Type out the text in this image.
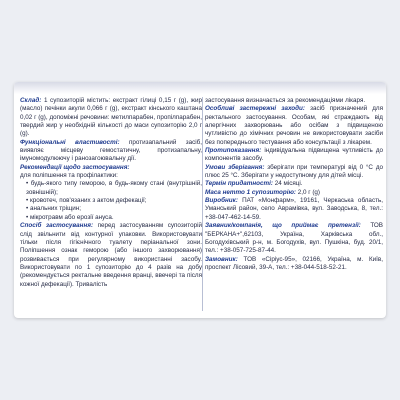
Склад: 1 супозиторій містить: екстракт гілиці 0,15 г (g), жир (масло) печінки акули 0,066 г (g), екстракт кінського каштана 0,02 г (g), допоміжні речовини: метилпарабен, пропілпарабен, твердий жир у необхідній кількості до маси супозиторію 2,0 г (g).

Функціональні властивості: протизапальний засіб, виявляє місцеву гемостатичну, протизапальну, імуномодулюючу і ранозагоювальну дії.

Рекомендації щодо застосування:

для поліпшення та профілактики:

• будь-якого типу геморою, в будь-якому стані (внутрішній, зовнішній);

• кровотеч, пов'язаних з актом дефекації;

• анальних тріщин;

• мікротравм або ерозії ануса.

Спосіб застосування: перед застосуванням супозиторій слід звільнити від контурної упаковки. Використовувати тільки після гігієнічного туалету періанальної зони. Поліпшення ознак геморою (або іншого захворювання) розвивається при регулярному використанні засобу. Використовувати по 1 супозиторію до 4 разів на добу (рекомендується ректальне введення вранці, ввечері та після кожної дефекації). Тривалість

застосування визначається за рекомендаціями лікаря.

Особливі застережні заходи: засіб призначений для ректального застосування. Особам, які страждають від алергічних захворювань або осібам з підвищеною чутливістю до хімічних речовин не використовувати засіби без попереднього тестування або консультації з лікарем.

Протипоказання: індивідуальна підвищена чутливість до компонентів засобу.

Умови зберігання: зберігати при температурі від 0 °С до плюс 25 °С. Зберігати у недоступному для дітей місці.

Термін придатності: 24 місяці.

Маса нетто 1 супозиторію: 2,0 г (g)

Виробник: ПАТ «Монфарм», 19161, Черкаська область, Уманський район, село Аврамівка, вул. Заводська, 8, тел.: +38-047-462-14-59.

Заявник/компанія, що приймає претензії: ТОВ "БЕРКАНА+",62103, Україна, Харківська обл., Богодухівський р-н, м. Богодухів, вул. Пушкіна, буд. 20/1, тел.: +38-057-725-87-44.

Замовник: ТОВ «Сіріус-95», 02166, Україна, м. Київ, проспект Лісовий, 39-А, тел.: +38-044-518-52-21.
